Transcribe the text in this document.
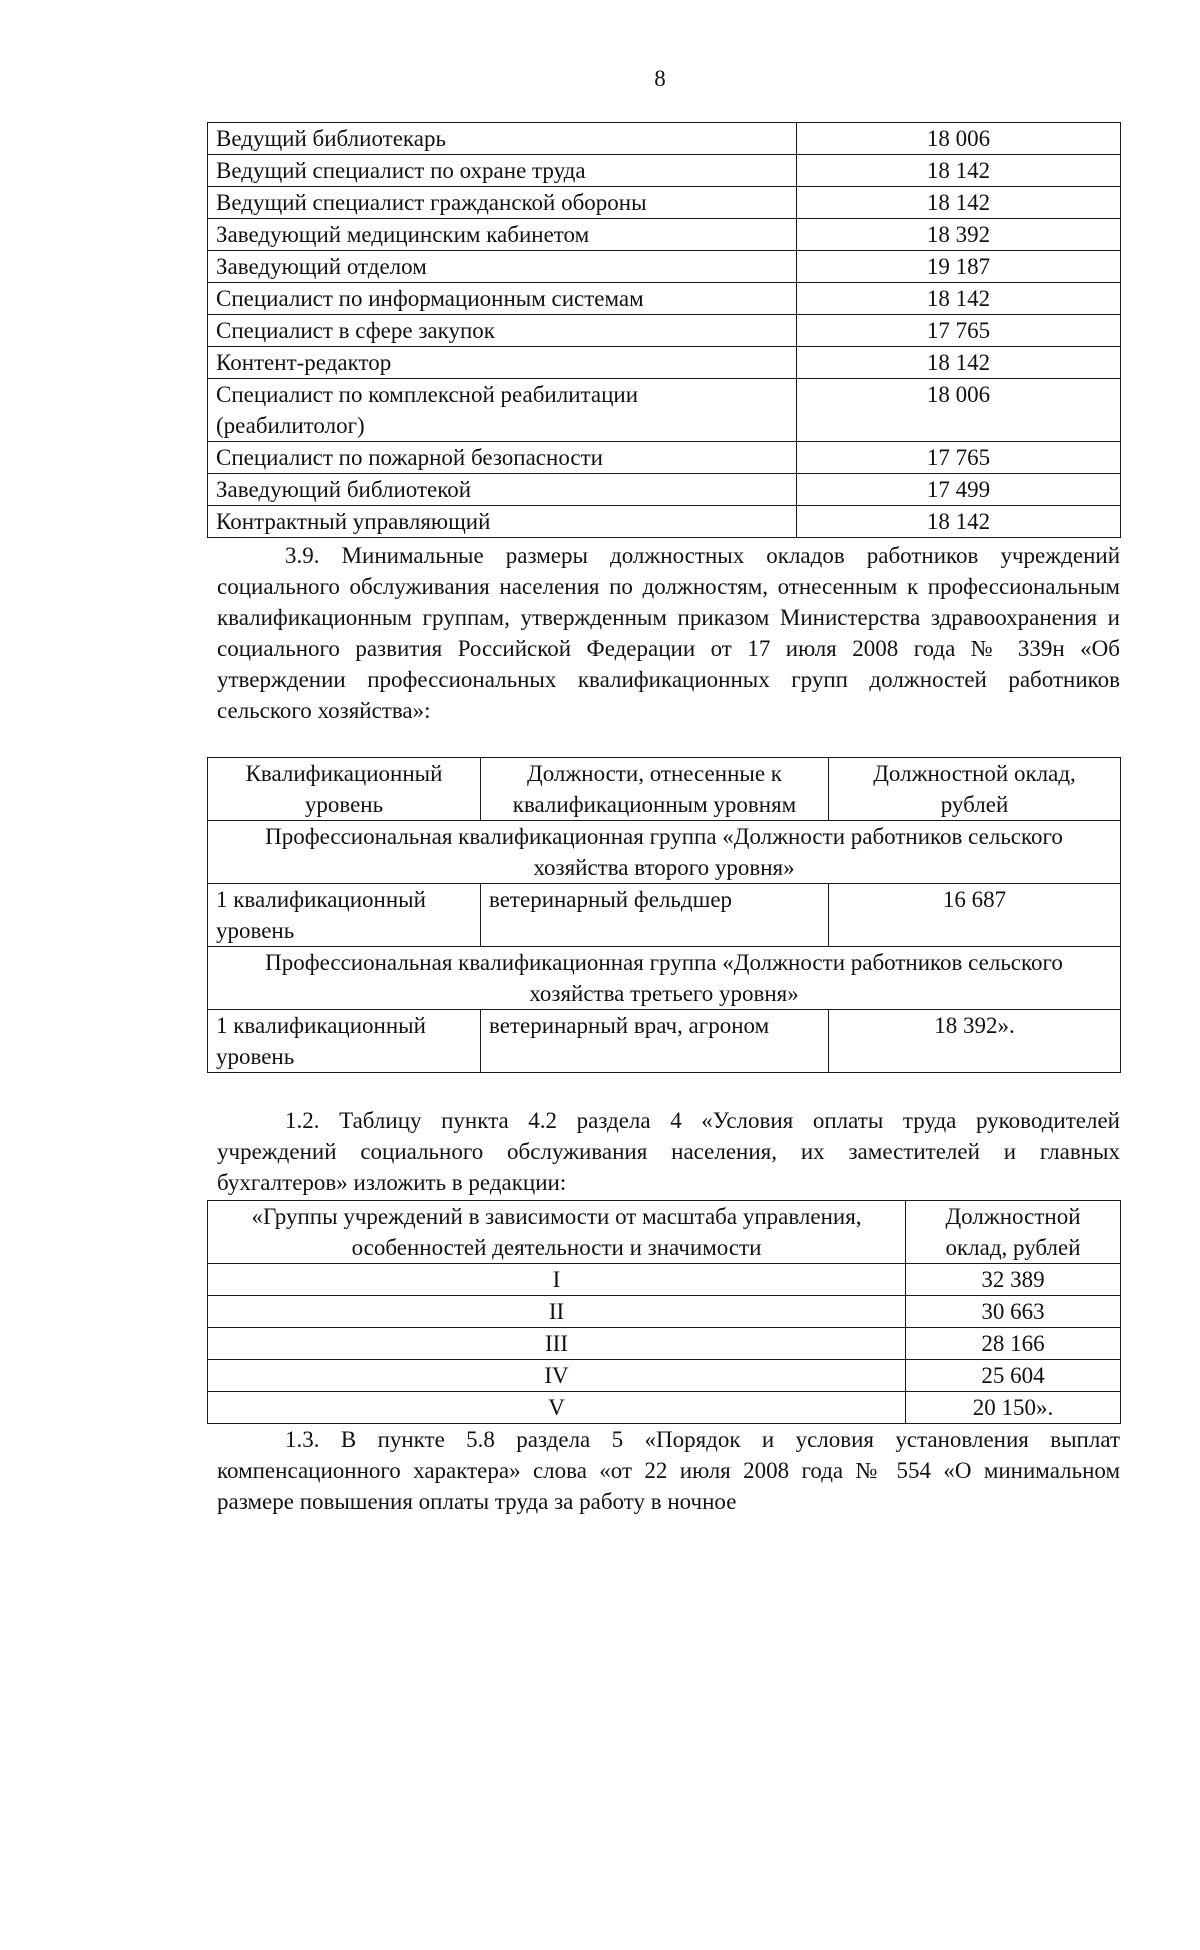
8
Ведущий библиотекарь	18 006
Ведущий специалист по охране труда	18 142
Ведущий специалист гражданской обороны	18 142
Заведующий медицинским кабинетом	18 392
Заведующий отделом	19 187
Специалист по информационным системам	18 142
Специалист в сфере закупок	17 765
Контент-редактор	18 142
Специалист по комплексной реабилитации (реабилитолог)	18 006
Специалист по пожарной безопасности	17 765
Заведующий библиотекой	17 499
Контрактный управляющий	18 142

3.9. Минимальные размеры должностных окладов работников учреждений социального обслуживания населения по должностям, отнесенным к профессиональным квалификационным группам, утвержденным приказом Министерства здравоохранения и социального развития Российской Федерации от 17 июля 2008 года № 339н «Об утверждении профессиональных квалификационных групп должностей работников сельского хозяйства»:

Квалификационный уровень	Должности, отнесенные к квалификационным уровням	Должностной оклад, рублей
Профессиональная квалификационная группа «Должности работников сельского хозяйства второго уровня»		
1 квалификационный уровень	ветеринарный фельдшер	16 687
Профессиональная квалификационная группа «Должности работников сельского хозяйства третьего уровня»		
1 квалификационный уровень	ветеринарный врач, агроном	18 392».

1.2. Таблицу пункта 4.2 раздела 4 «Условия оплаты труда руководителей учреждений социального обслуживания населения, их заместителей и главных бухгалтеров» изложить в редакции:

«Группы учреждений в зависимости от масштаба управления, особенностей деятельности и значимости	Должностной оклад, рублей
I	32 389
II	30 663
III	28 166
IV	25 604
V	20 150».

1.3. В пункте 5.8 раздела 5 «Порядок и условия установления выплат компенсационного характера» слова «от 22 июля 2008 года № 554 «О минимальном размере повышения оплаты труда за работу в ночное
